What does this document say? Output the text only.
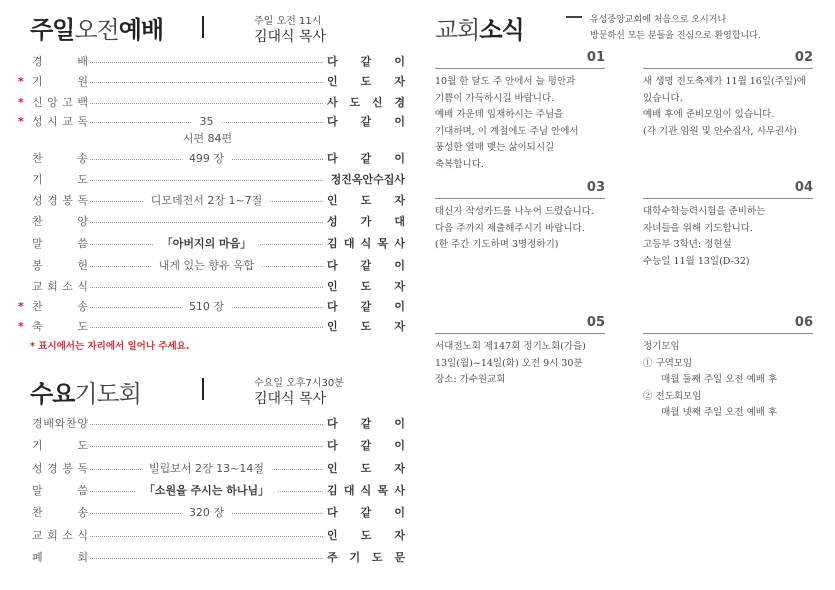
주일오전예배	주일 오전 11시
김대식 목사
경	배	다 같 이
* 기	원	인 도 자
* 신 앙 고 백	사 도 신 경
* 성 시 교 독	35	다 같 이
찬	송	499 장	다 같 이
기	도	정진옥안수집사
성 경 봉 독	디모데전서 2장 1~7절	인 도 자
찬	양	성 가 대
말	씀	「아버지의 마음」	김 대 식 목 사
봉	헌	내게 있는 향유 옥합	다 같 이
교 회 소 식	인 도 자
* 찬	송	510 장	다 같 이
* 축	도	인 도 자
시편 84편
* 표시에서는 자리에서 일어나 주세요.
수요기도회	수요일 오후7시30분
김대식 목사
경 배 와 찬 양	다 같 이
기	도	다 같 이
성 경 봉 독	빌립보서 2장 13~14절	인 도 자
말	씀	「소원을 주시는 하나님」	김 대 식 목 사
찬	송	320 장	다 같 이
교 회 소 식	인 도 자
폐	회	주 기 도 문
교회소식	유성중앙교회에 처음으로 오시거나
방문하신 모든 분들을 진심으로 환영합니다.
01
10월 한 달도 주 안에서 늘 평안과
기쁨이 가득하시길 바랍니다.
예배 가운데 임재하시는 주님을
기대하며, 이 계절에도 주님 안에서
풍성한 열매 맺는 삶이되시길
축복합니다.
02
새 생명 전도축제가 11월 16일(주일)에
있습니다.
예배 후에 준비모임이 있습니다.
(각 기관 임원 및 안수집사, 시무권사)
03
태신자 작성카드를 나누어 드렸습니다.
다음 주까지 제출해주시기 바랍니다.
(한 주간 기도하며 3명정하기)
04
대학수학능력시험을 준비하는
자녀들을 위해 기도합니다.
고등부 3학년: 정현설
수능일 11월 13일(D-32)
05
서대전노회 제147회 정기노회(가을)
13일(월)~14일(화) 오전 9시 30분
장소: 가수원교회
06
정기모임
① 구역모임
매월 둘째 주일 오전 예배 후
② 전도회모임
매월 넷째 주일 오전 예배 후
